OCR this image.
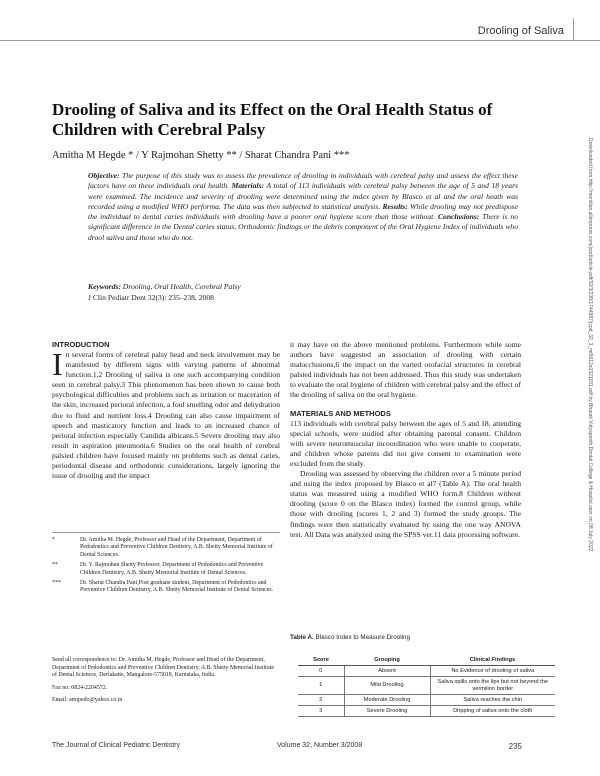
Drooling of Saliva
Drooling of Saliva and its Effect on the Oral Health Status of Children with Cerebral Palsy
Amitha M Hegde * / Y Rajmohan Shetty ** / Sharat Chandra Pani ***
Objective: The purpose of this study was to assess the prevalence of drooling in individuals with cerebral palsy and assess the effect these factors have on these individuals oral health. Materials: A total of 113 individuals with cerebral palsy between the age of 5 and 18 years were examined. The incidence and severity of drooling were determined using the index given by Blasco et al and the oral heath was recorded using a modified WHO performa. The data was then subjected to statistical analysis. Results: While drooling may not predispose the individual to dental caries individuals with drooling have a poorer oral hygiene score than those without. Conclusions: There is no significant difference in the Dental caries status, Orthodontic findings or the debris component of the Oral Hygiene Index of individuals who drool saliva and those who do not.
Keywords: Drooling, Oral Health, Cerebral Palsy
J Clin Pediatr Dent 32(3): 235–238, 2008	Downloaded from http://meridian.allenpress.com/jcpd/article-pdf/32/3/235/1744987/jcpd_32_3_mt5612q1321151.pdf by Bharati Vidyapeeth Dental College & Hospital user on 08 July 2022

INTRODUCTION

In several forms of cerebral palsy head and neck involvement may be manifested by different signs with varying patterns of abnormal function.1,2 Drooling of saliva is one such accompanying condition seen in cerebral palsy.3 This phenomenon has been shown to cause both psychological difficulties and problems such as irritation or maceration of the skin, increased perioral infection, a foul smelling odor and dehydration due to fluid and nutrient loss.4 Drooling can also cause impairment of speech and masticatory function and leads to an increased chance of perioral infection especially Candida albicans.5 Severe drooling may also result in aspiration pneumonia.6 Studies on the oral health of cerebral palsied children have focused mainly on problems such as dental caries, periodontal disease and orthodontic considerations, largely ignoring the issue of drooling and the impact

*	Dr. Amitha M. Hegde, Professor and Head of the Department, Department of Pedodontics and Preventive Children Dentistry, A.B. Shetty Memorial Institute of Dental Sciences.
**	Dr. Y. Rajmohan Shetty Professor, Department of Pedodontics and Preventive Children Dentistry, A.B. Shetty Memorial Institute of Dental Sciences.
***	Dr. Sharat Chandra Pani,Post graduate student, Department of Pedodontics and Preventive Children Dentistry, A.B. Shetty Memorial Institute of Dental Sciences.

Send all correspondence to: Dr. Amitha M. Hegde, Professor and Head of the Department, Department of Pedodontics and Preventive Children Dentistry, A.B. Shetty Memorial Institute of Dental Sciences, Derlakatte, Mangalore-575018, Karnataka, India.

Fax no: 0824-2204572.

Email: amipedo@yahoo.co.in

it may have on the above mentioned problems. Furthermore while some authors have suggested an association of drooling with certain malocclusions,6 the impact on the varied orofacial structures in cerebral palsied individuals has not been addressed. Thus this study was undertaken to evaluate the oral hygiene of children with cerebral palsy and the effect of the drooling of saliva on the oral hygiene.

MATERIALS AND METHODS

113 individuals with cerebral palsy between the ages of 5 and 18, attending special schools, were studied after obtaining parental consent. Children with severe neuromuscular incoordination who were unable to cooperate, and children whose parents did not give consent to examination were excluded from the study.

Drooling was assessed by observing the children over a 5 minute period and using the index proposed by Blasco et al7 (Table A). The oral health status was measured using a modified WHO form.8 Children without drooling (score 0 on the Blasco index) formed the control group, while those with drooling (scores 1, 2 and 3) formed the study groups. The findings were then statistically evaluated by using the one way ANOVA test. All Data was analyzed using the SPSS ver.11 data processing software.

Table A. Blasco Index to Measure Drooling
Score	Grouping	Clinical Findings
0	Absent	No Evidence of drooling of saliva
1	Mild Drooling	Saliva spills onto the lips but not beyond the vermilion border
2	Moderate Drooling	Saliva reaches the chin
3	Severe Drooling	Dripping of saliva onto the cloth
The Journal of Clinical Pediatric Dentistry	Volume 32, Number 3/2008	235
